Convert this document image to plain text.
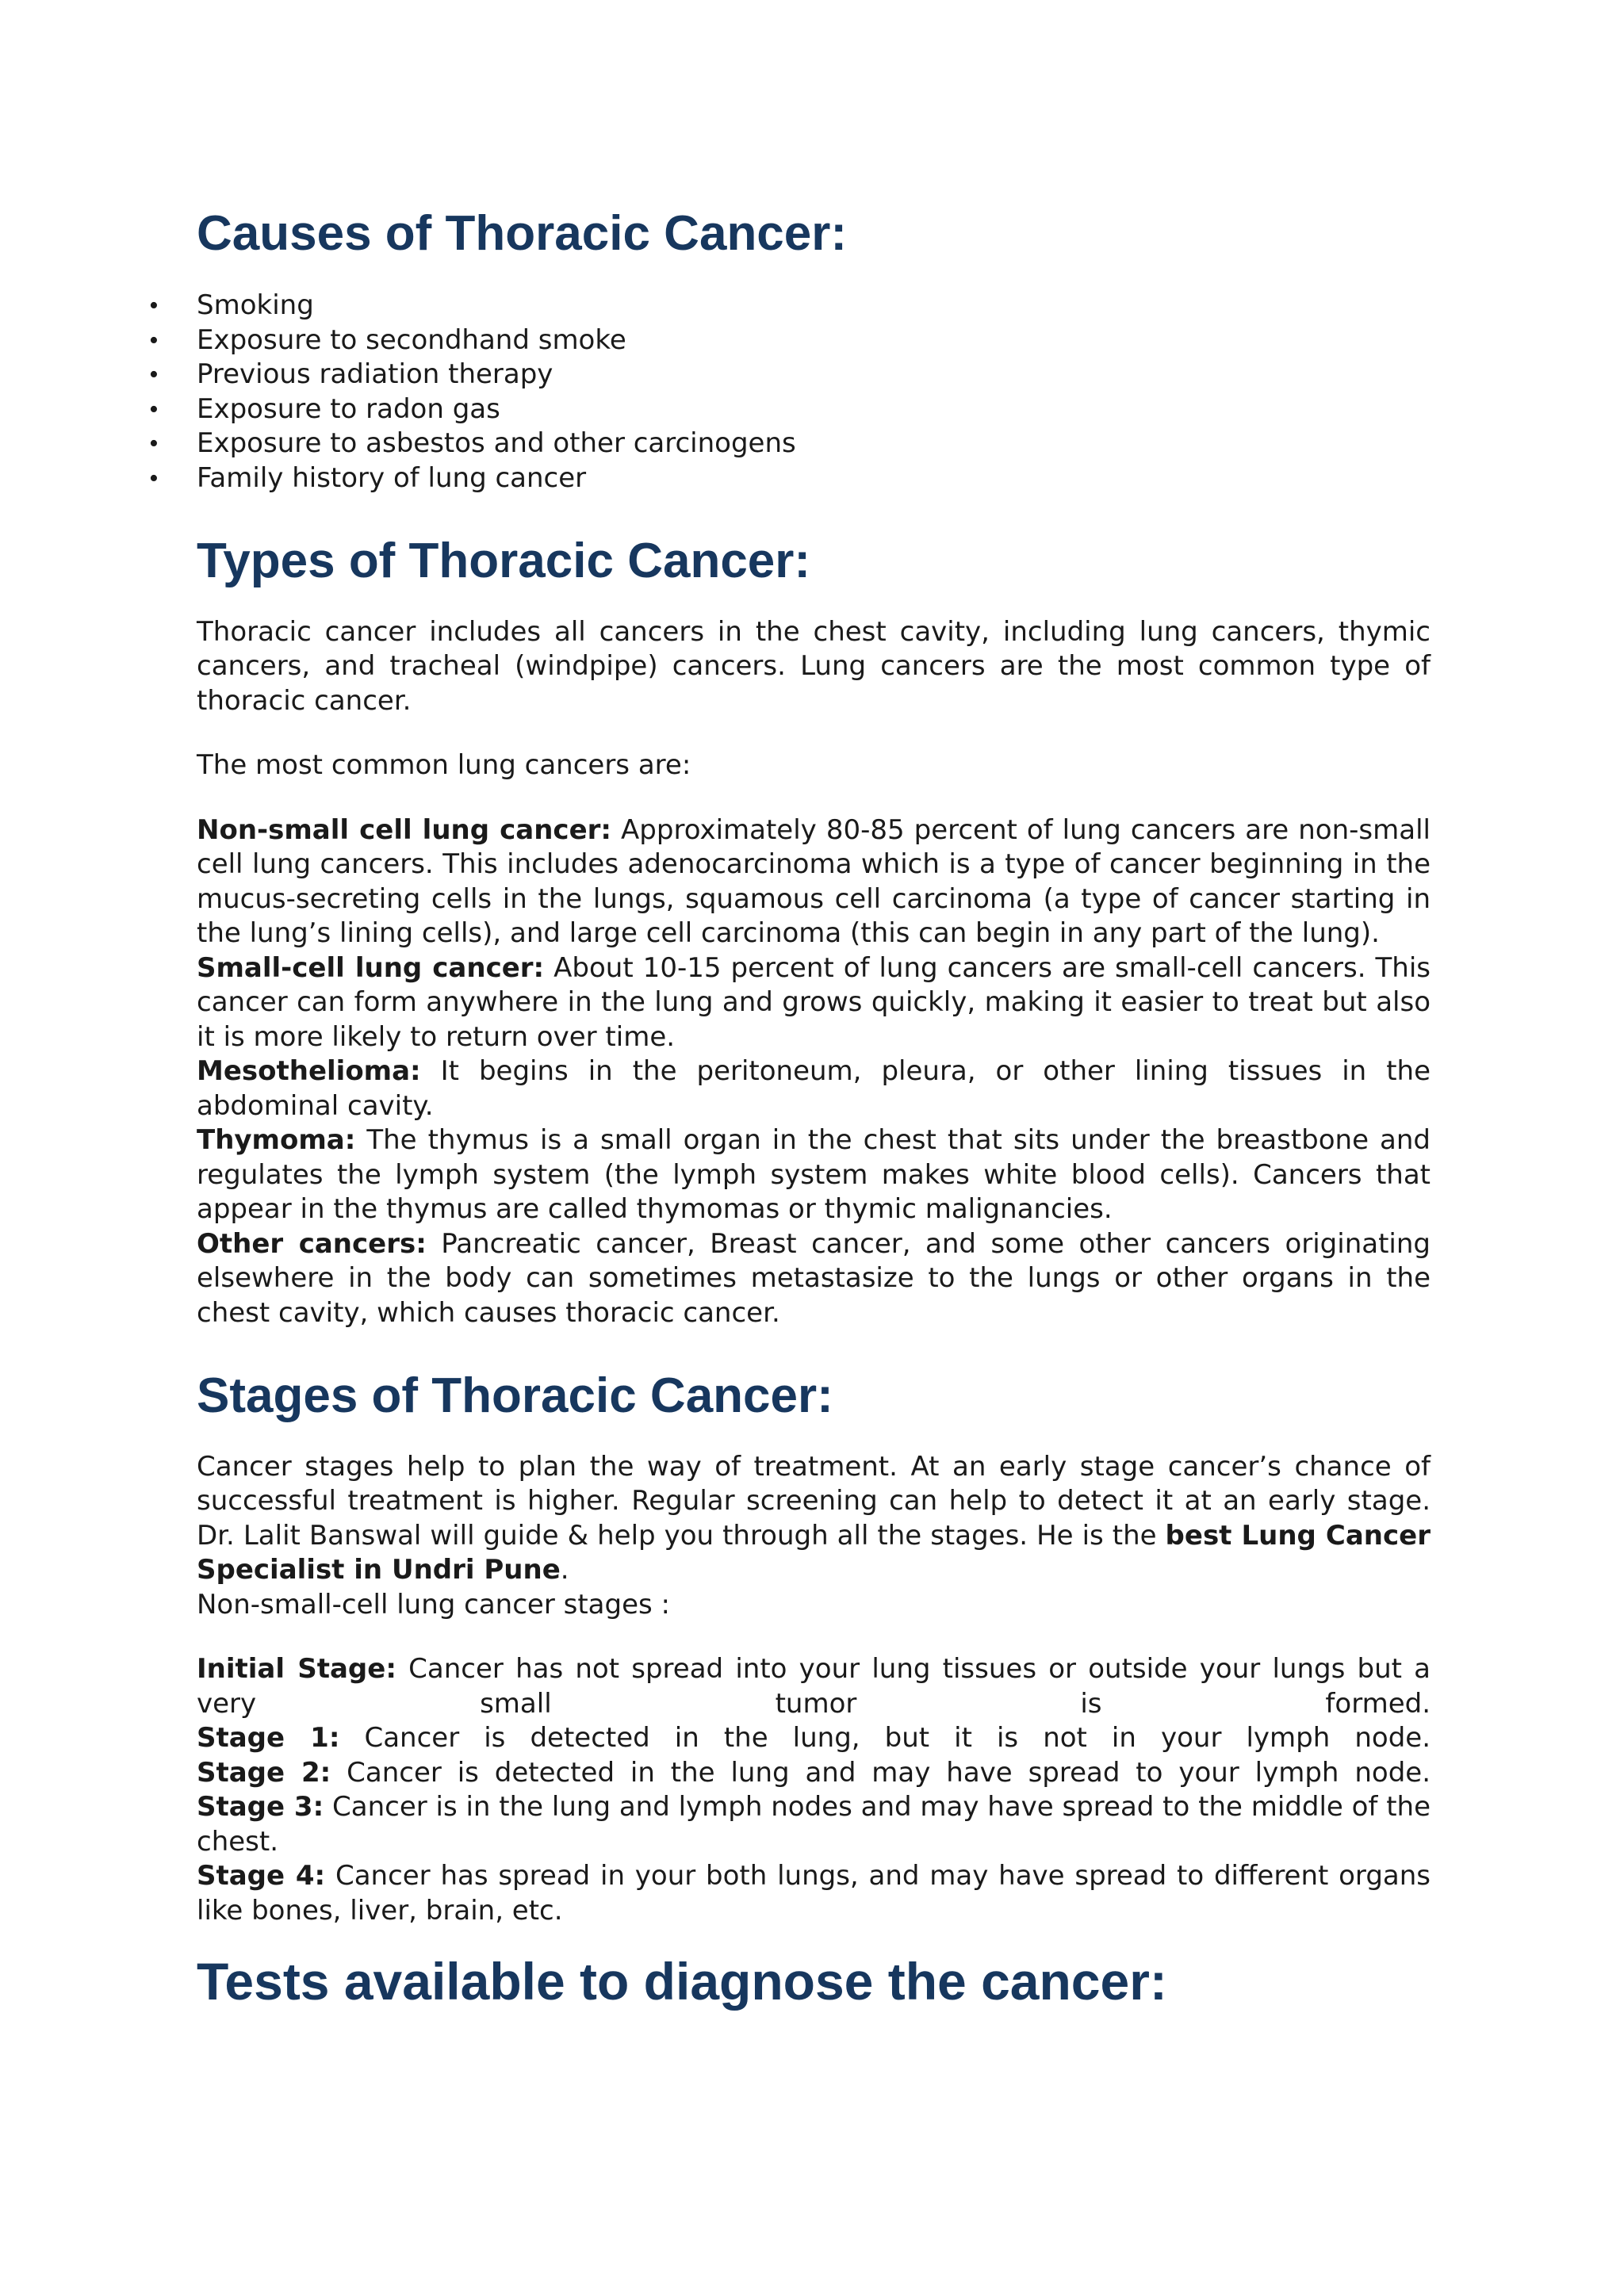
Causes of Thoracic Cancer:
• Smoking
• Exposure to secondhand smoke
• Previous radiation therapy
• Exposure to radon gas
• Exposure to asbestos and other carcinogens
• Family history of lung cancer
Types of Thoracic Cancer:

Thoracic cancer includes all cancers in the chest cavity, including lung cancers, thymic cancers, and tracheal (windpipe) cancers. Lung cancers are the most common type of thoracic cancer.

The most common lung cancers are:

Non-small cell lung cancer: Approximately 80-85 percent of lung cancers are non-small cell lung cancers. This includes adenocarcinoma which is a type of cancer beginning in the mucus-secreting cells in the lungs, squamous cell carcinoma (a type of cancer starting in the lung’s lining cells), and large cell carcinoma (this can begin in any part of the lung).

Small-cell lung cancer: About 10-15 percent of lung cancers are small-cell cancers. This cancer can form anywhere in the lung and grows quickly, making it easier to treat but also it is more likely to return over time.

Mesothelioma: It begins in the peritoneum, pleura, or other lining tissues in the abdominal cavity.

Thymoma: The thymus is a small organ in the chest that sits under the breastbone and regulates the lymph system (the lymph system makes white blood cells). Cancers that appear in the thymus are called thymomas or thymic malignancies.

Other cancers: Pancreatic cancer, Breast cancer, and some other cancers originating elsewhere in the body can sometimes metastasize to the lungs or other organs in the chest cavity, which causes thoracic cancer.

Stages of Thoracic Cancer:

Cancer stages help to plan the way of treatment. At an early stage cancer’s chance of successful treatment is higher. Regular screening can help to detect it at an early stage. Dr. Lalit Banswal will guide & help you through all the stages. He is the best Lung Cancer Specialist in Undri Pune.

Non-small-cell lung cancer stages :

Initial Stage: Cancer has not spread into your lung tissues or outside your lungs but a very small tumor is formed.

Stage 1: Cancer is detected in the lung, but it is not in your lymph node.

Stage 2: Cancer is detected in the lung and may have spread to your lymph node.

Stage 3: Cancer is in the lung and lymph nodes and may have spread to the middle of the chest.

Stage 4: Cancer has spread in your both lungs, and may have spread to different organs like bones, liver, brain, etc.

Tests available to diagnose the cancer:
